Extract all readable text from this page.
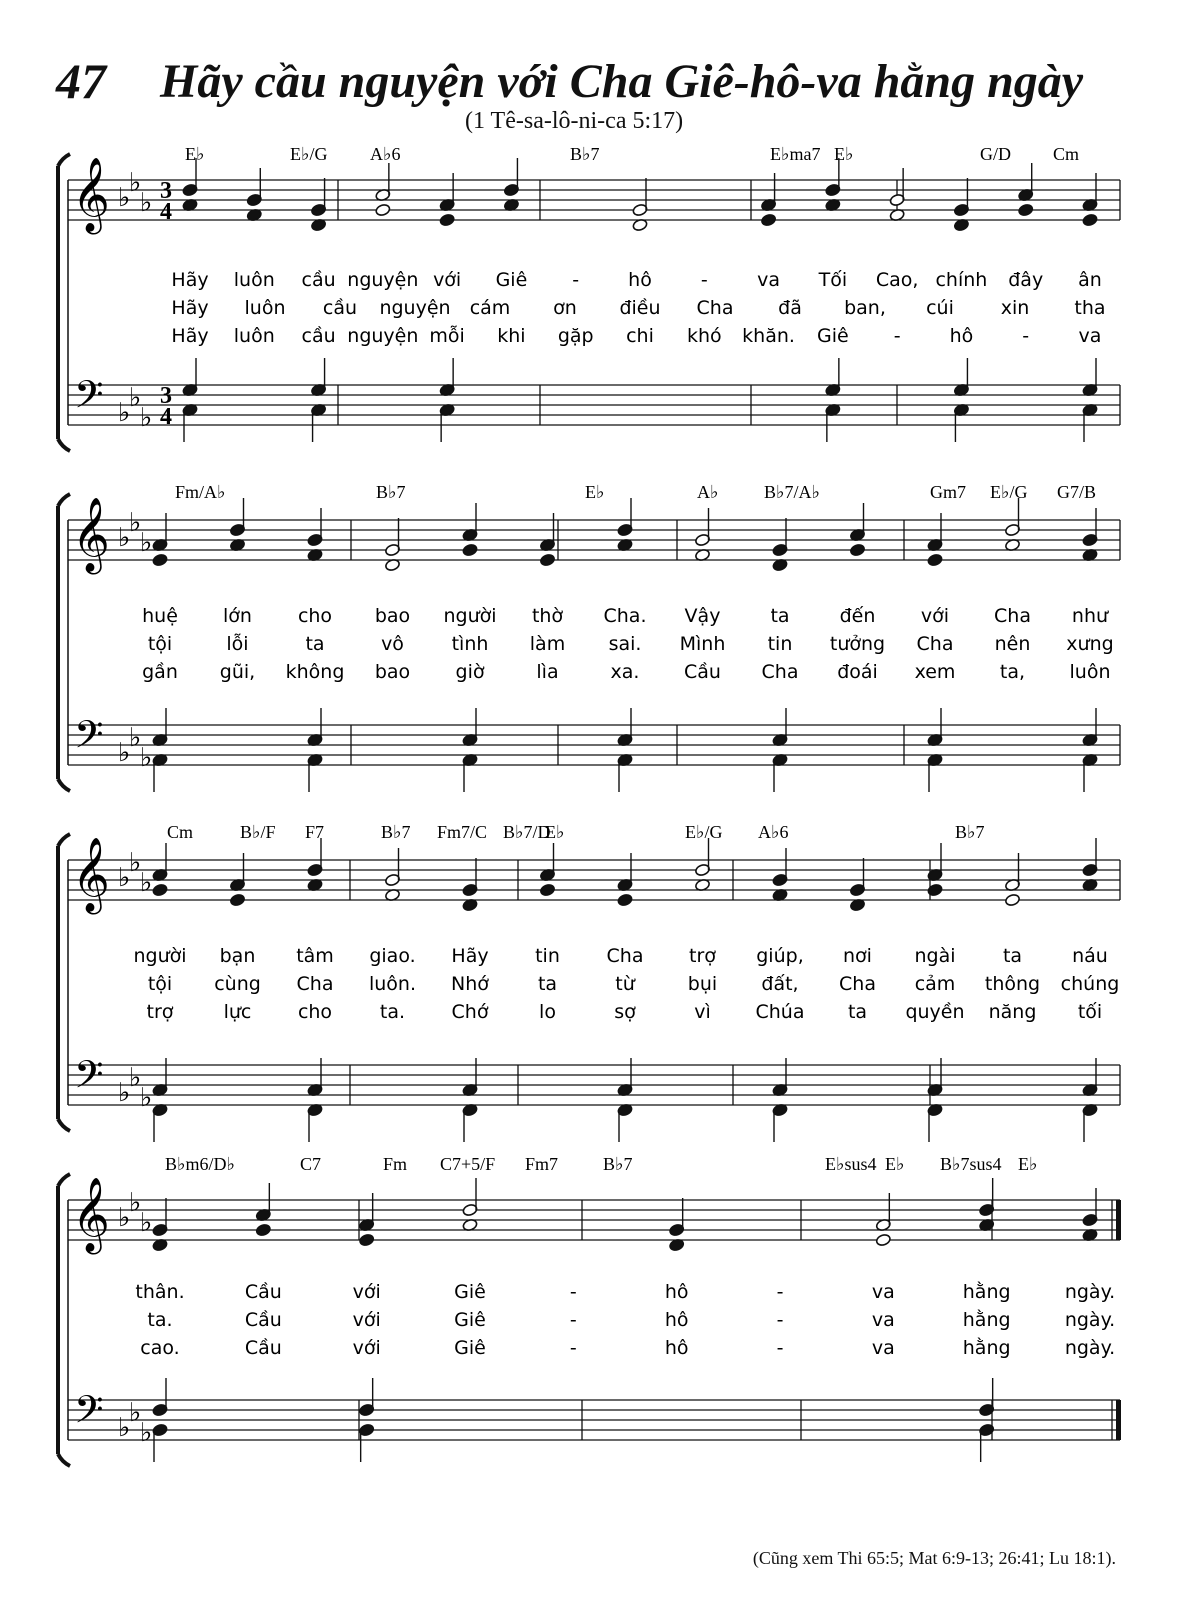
47 Hãy cầu nguyện với Cha Giê-hô-va hằng ngày
(1 Tê-sa-lô-ni-ca 5:17)
𝄞
𝄢
♭
♭
♭
♭
♭
♭
3
4
3
4
E♭	E♭/G A♭6	B♭7	E♭ma7 E♭	G/D Cm
Hãy luôn cầu nguyện với Giê -	hô	-	va Tối Cao, chính đây ân
Hãy luôn cầu nguyện cám ơn điều Cha đã ban, cúi xin tha
Hãy luôn cầu nguyện mỗi khi gặp chi khó khăn. Giê -	hô	-	va
𝄞
𝄢
♭
♭
♭
♭
♭
♭
Fm/A♭	B♭7	E♭	A♭	B♭7/A♭	Gm7 E♭/G G7/B
huệ lớn cho bao người thờ Cha. Vậy	ta	đến với Cha như
tội	lỗi	ta	vô	tình làm sai. Mình tin tưởng Cha nên xưng
gần gũi, không bao giờ	lìa	xa. Cầu Cha đoái xem ta, luôn
𝄞
𝄢
♭
♭
♭
♭
♭
♭
Cm	B♭/F F7	B♭7 Fm7/C B♭7/D
E♭	E♭/G A♭6	B♭7
người bạn tâm giao. Hãy tin Cha trợ giúp, nơi ngài ta	náu
tội cùng Cha luôn. Nhớ	ta	từ	bụi đất, Cha cảm thông chúng
trợ	lực cho	ta. Chớ	lo	sợ	vì Chúa ta quyền năng tối
𝄞
𝄢
♭
♭
♭
♭
♭
♭
B♭m6/D♭	C7	Fm C7+5/F Fm7 B♭7	E♭sus4 E♭ B♭7sus4 E♭
thân.	Cầu	với	Giê	-	hô	-	va	hằng	ngày.
ta.	Cầu	với	Giê	-	hô	-	va	hằng	ngày.
cao.	Cầu	với	Giê	-	hô	-	va	hằng	ngày.
(Cũng xem Thi 65:5; Mat 6:9-13; 26:41; Lu 18:1).
